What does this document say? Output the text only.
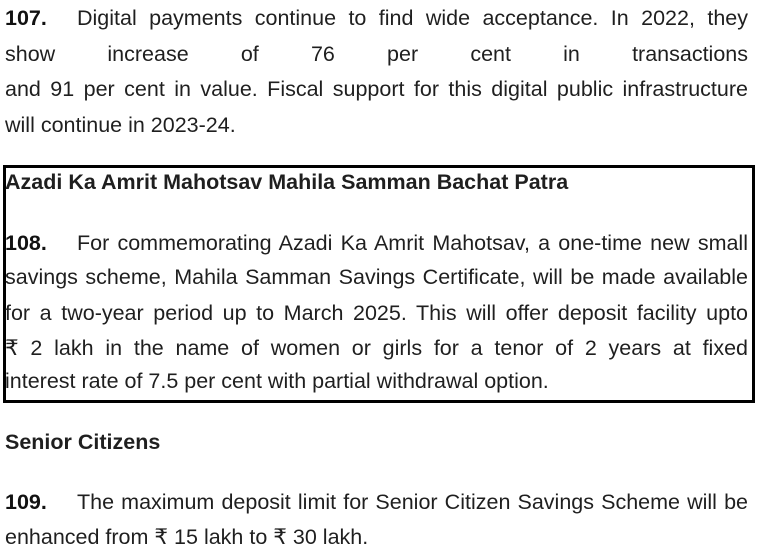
107. Digital payments continue to find wide acceptance. In 2022, they
show increase of 76 per cent in transactions
and 91 per cent in value. Fiscal support for this digital public infrastructure
will continue in 2023-24.
Azadi Ka Amrit Mahotsav Mahila Samman Bachat Patra
108. For commemorating Azadi Ka Amrit Mahotsav, a one-time new small
savings scheme, Mahila Samman Savings Certificate, will be made available
for a two-year period up to March 2025. This will offer deposit facility upto
₹ 2 lakh in the name of women or girls for a tenor of 2 years at fixed
interest rate of 7.5 per cent with partial withdrawal option.
Senior Citizens
109. The maximum deposit limit for Senior Citizen Savings Scheme will be
enhanced from ₹ 15 lakh to ₹ 30 lakh.
